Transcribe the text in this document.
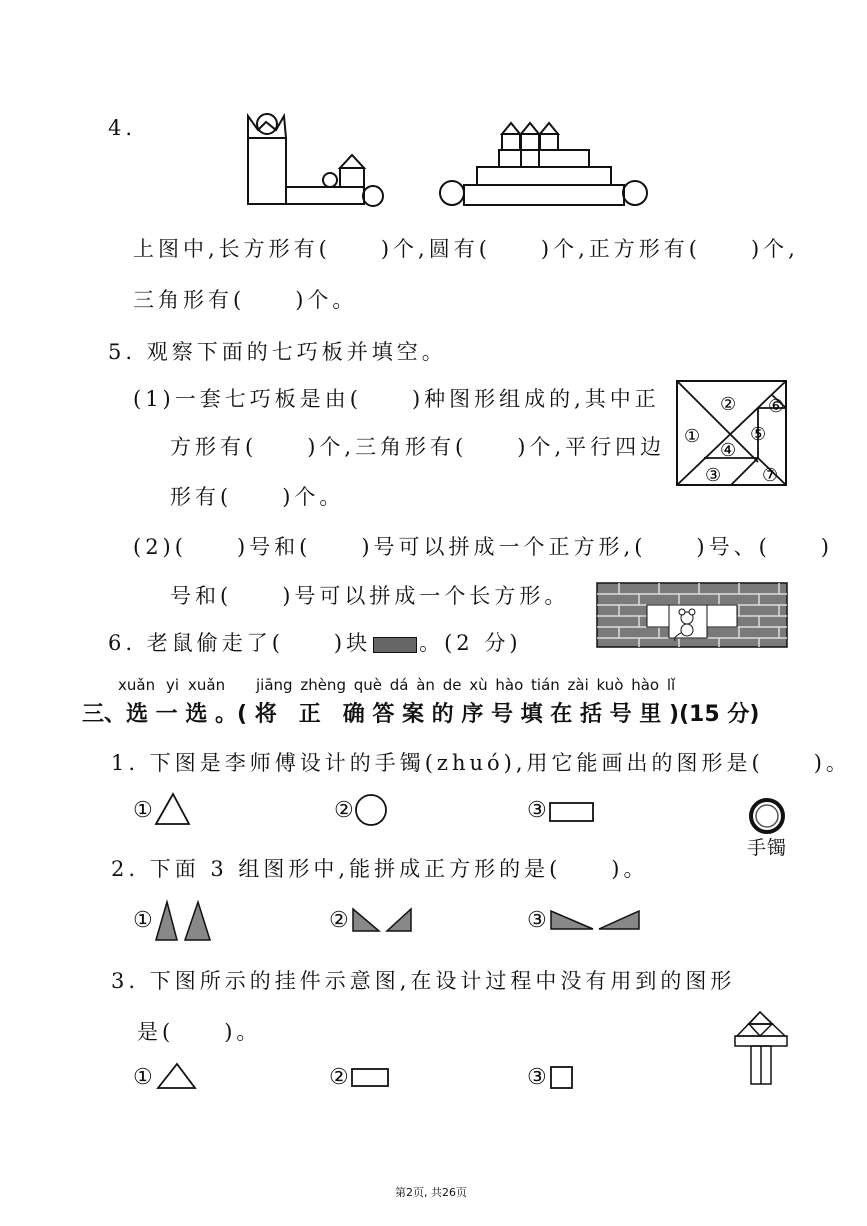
4.
上图中,长方形有(　　)个,圆有(　　)个,正方形有(　　)个,
三角形有(　　)个。
5. 观察下面的七巧板并填空。
(1)一套七巧板是由(　　)种图形组成的,其中正
方形有(　　)个,三角形有(　　)个,平行四边
形有(　　)个。
①
②
④
⑤
⑥
③ ⑦
(2)(　　)号和(　　)号可以拼成一个正方形,(　　)号、(　　)
号和(　　)号可以拼成一个长方形。
6. 老鼠偷走了(　　)块 。(2 分)
xuǎn yi xuǎn jiāng zhèng què dá àn de xù hào tián zài kuò hào lǐ
三、选 一 选 。( 将　正　确 答 案 的 序 号 填 在 括 号 里 )(15 分)
1. 下图是李师傅设计的手镯(zhuó),用它能画出的图形是(　　)。
①	②	③
手镯
2. 下面 3 组图形中,能拼成正方形的是(　　)。
①	②	③
3. 下图所示的挂件示意图,在设计过程中没有用到的图形
是(　　)。
①	②	③
第2页, 共26页
